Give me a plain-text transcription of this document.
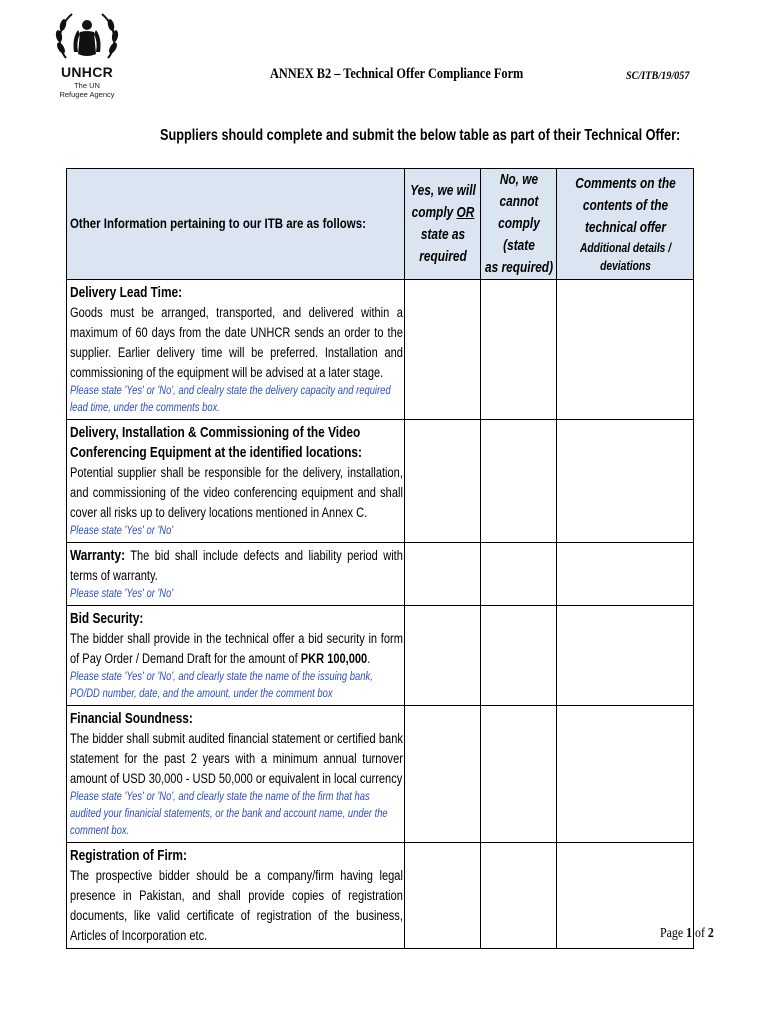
UNHCR
The UN
Refugee Agency
ANNEX B2 – Technical Offer Compliance Form	SC/ITB/19/057
Suppliers should complete and submit the below table as part of their Technical Offer:
Other Information pertaining to our ITB are as follows:	Yes, we will
comply OR
state as
required	No, we
cannot
comply (state
as required)	Comments on the contents of the technical offer
Additional details / deviations

Delivery Lead Time:
Goods must be arranged, transported, and delivered within a maximum of 60 days from the date UNHCR sends an order to the supplier. Earlier delivery time will be preferred. Installation and commissioning of the equipment will be advised at a later stage.
Please state 'Yes' or 'No', and clealry state the delivery capacity and required lead time, under the comments box.			

Delivery, Installation & Commissioning of the Video Conferencing Equipment at the identified locations:
Potential supplier shall be responsible for the delivery, installation, and commissioning of the video conferencing equipment and shall cover all risks up to delivery locations mentioned in Annex C.
Please state 'Yes' or 'No'			

Warranty: The bid shall include defects and liability period with terms of warranty.
Please state 'Yes' or 'No'			

Bid Security:
The bidder shall provide in the technical offer a bid security in form of Pay Order / Demand Draft for the amount of PKR 100,000.
Please state 'Yes' or 'No', and clearly state the name of the issuing bank, PO/DD number, date, and the amount, under the comment box			

Financial Soundness:
The bidder shall submit audited financial statement or certified bank statement for the past 2 years with a minimum annual turnover amount of USD 30,000 - USD 50,000 or equivalent in local currency
Please state 'Yes' or 'No', and clearly state the name of the firm that has audited your finanicial statements, or the bank and account name, under the comment box.			

Registration of Firm:
The prospective bidder should be a company/firm having legal presence in Pakistan, and shall provide copies of registration documents, like valid certificate of registration of the business, Articles of Incorporation etc.			
				Page 1 of 2
